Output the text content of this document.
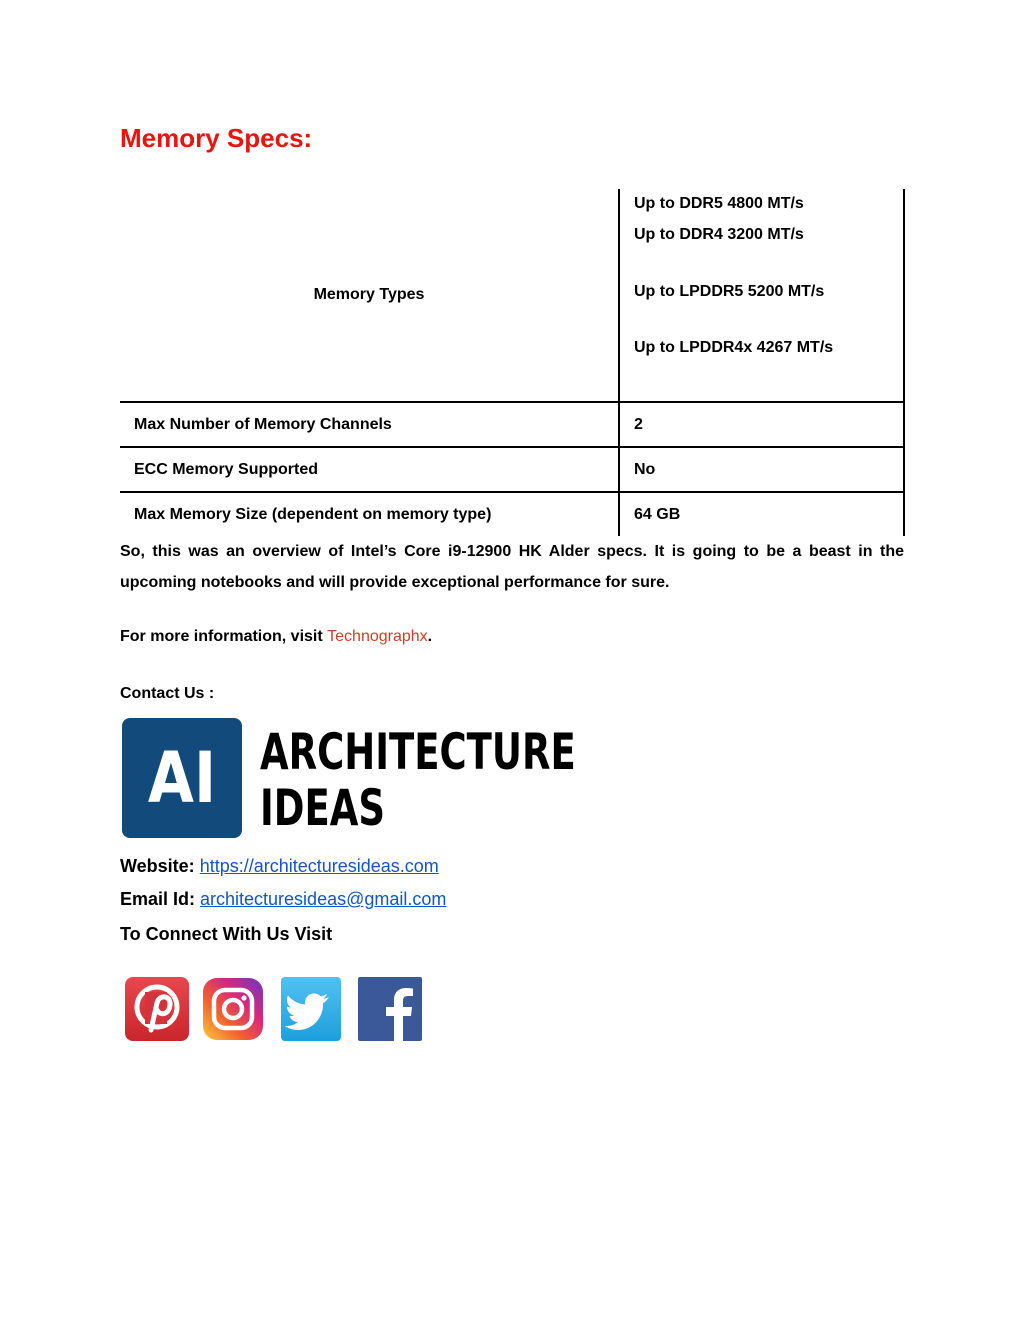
Memory Specs:
Memory Types	Up to DDR5 4800 MT/s
Up to DDR4 3200 MT/s
Up to LPDDR5 5200 MT/s
Up to LPDDR4x 4267 MT/s

Max Number of Memory Channels	2
ECC Memory Supported	No
Max Memory Size (dependent on memory type)	64 GB

So, this was an overview of Intel’s Core i9-12900 HK Alder specs. It is going to be a beast in the upcoming notebooks and will provide exceptional performance for sure.

For more information, visit Technographx.

Contact Us :

AI ARCHITECTURE
IDEAS

Website: https://architecturesideas.com

Email Id: architecturesideas@gmail.com

To Connect With Us Visit
